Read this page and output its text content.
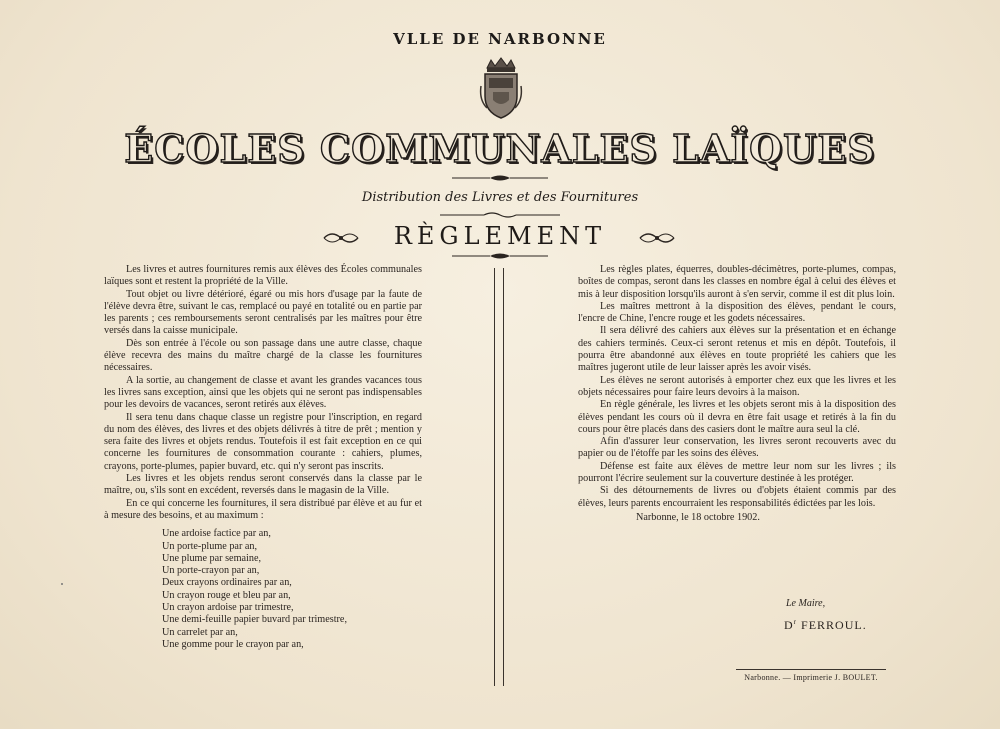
VLLE DE NARBONNE
ÉCOLES COMMUNALES LAÏQUES
Distribution des Livres et des Fournitures
RÈGLEMENT

Les livres et autres fournitures remis aux élèves des Écoles communales laïques sont et restent la propriété de la Ville.

Tout objet ou livre détérioré, égaré ou mis hors d'usage par la faute de l'élève devra être, suivant le cas, remplacé ou payé en totalité ou en partie par les parents ; ces remboursements seront centralisés par les maîtres pour être versés dans la caisse municipale.

Dès son entrée à l'école ou son passage dans une autre classe, chaque élève recevra des mains du maître chargé de la classe les fournitures nécessaires.

A la sortie, au changement de classe et avant les grandes vacances tous les livres sans exception, ainsi que les objets qui ne seront pas indispensables pour les devoirs de vacances, seront retirés aux élèves.

Il sera tenu dans chaque classe un registre pour l'inscription, en regard du nom des élèves, des livres et des objets délivrés à titre de prêt ; mention y sera faite des livres et objets rendus. Toutefois il est fait exception en ce qui concerne les fournitures de consommation courante : cahiers, plumes, crayons, porte-plumes, papier buvard, etc. qui n'y seront pas inscrits.

Les livres et les objets rendus seront conservés dans la classe par le maître, ou, s'ils sont en excédent, reversés dans le magasin de la Ville.

En ce qui concerne les fournitures, il sera distribué par élève et au fur et à mesure des besoins, et au maximum :

Une ardoise factice par an,
Un porte-plume par an,
Une plume par semaine,
Un porte-crayon par an,
Deux crayons ordinaires par an,
Un crayon rouge et bleu par an,
Un crayon ardoise par trimestre,
Une demi-feuille papier buvard par trimestre,
Un carrelet par an,
Une gomme pour le crayon par an,

Les règles plates, équerres, doubles-décimètres, porte-plumes, compas, boîtes de compas, seront dans les classes en nombre égal à celui des élèves et mis à leur disposition lorsqu'ils auront à s'en servir, comme il est dit plus loin.

Les maîtres mettront à la disposition des élèves, pendant le cours, l'encre de Chine, l'encre rouge et les godets nécessaires.

Il sera délivré des cahiers aux élèves sur la présentation et en échange des cahiers terminés. Ceux-ci seront retenus et mis en dépôt. Toutefois, il pourra être abandonné aux élèves en toute propriété les cahiers que les maîtres jugeront utile de leur laisser après les avoir visés.

Les élèves ne seront autorisés à emporter chez eux que les livres et les objets nécessaires pour faire leurs devoirs à la maison.

En règle générale, les livres et les objets seront mis à la disposition des élèves pendant les cours où il devra en être fait usage et retirés à la fin du cours pour être placés dans des casiers dont le maître aura seul la clé.

Afin d'assurer leur conservation, les livres seront recouverts avec du papier ou de l'étoffe par les soins des élèves.

Défense est faite aux élèves de mettre leur nom sur les livres ; ils pourront l'écrire seulement sur la couverture destinée à les protéger.

Si des détournements de livres ou d'objets étaient commis par des élèves, leurs parents encourraient les responsabilités édictées par les lois.

Narbonne, le 18 octobre 1902.

Le Maire,
$D^r$ FERROUL.
Narbonne. — Imprimerie J. BOULET.
